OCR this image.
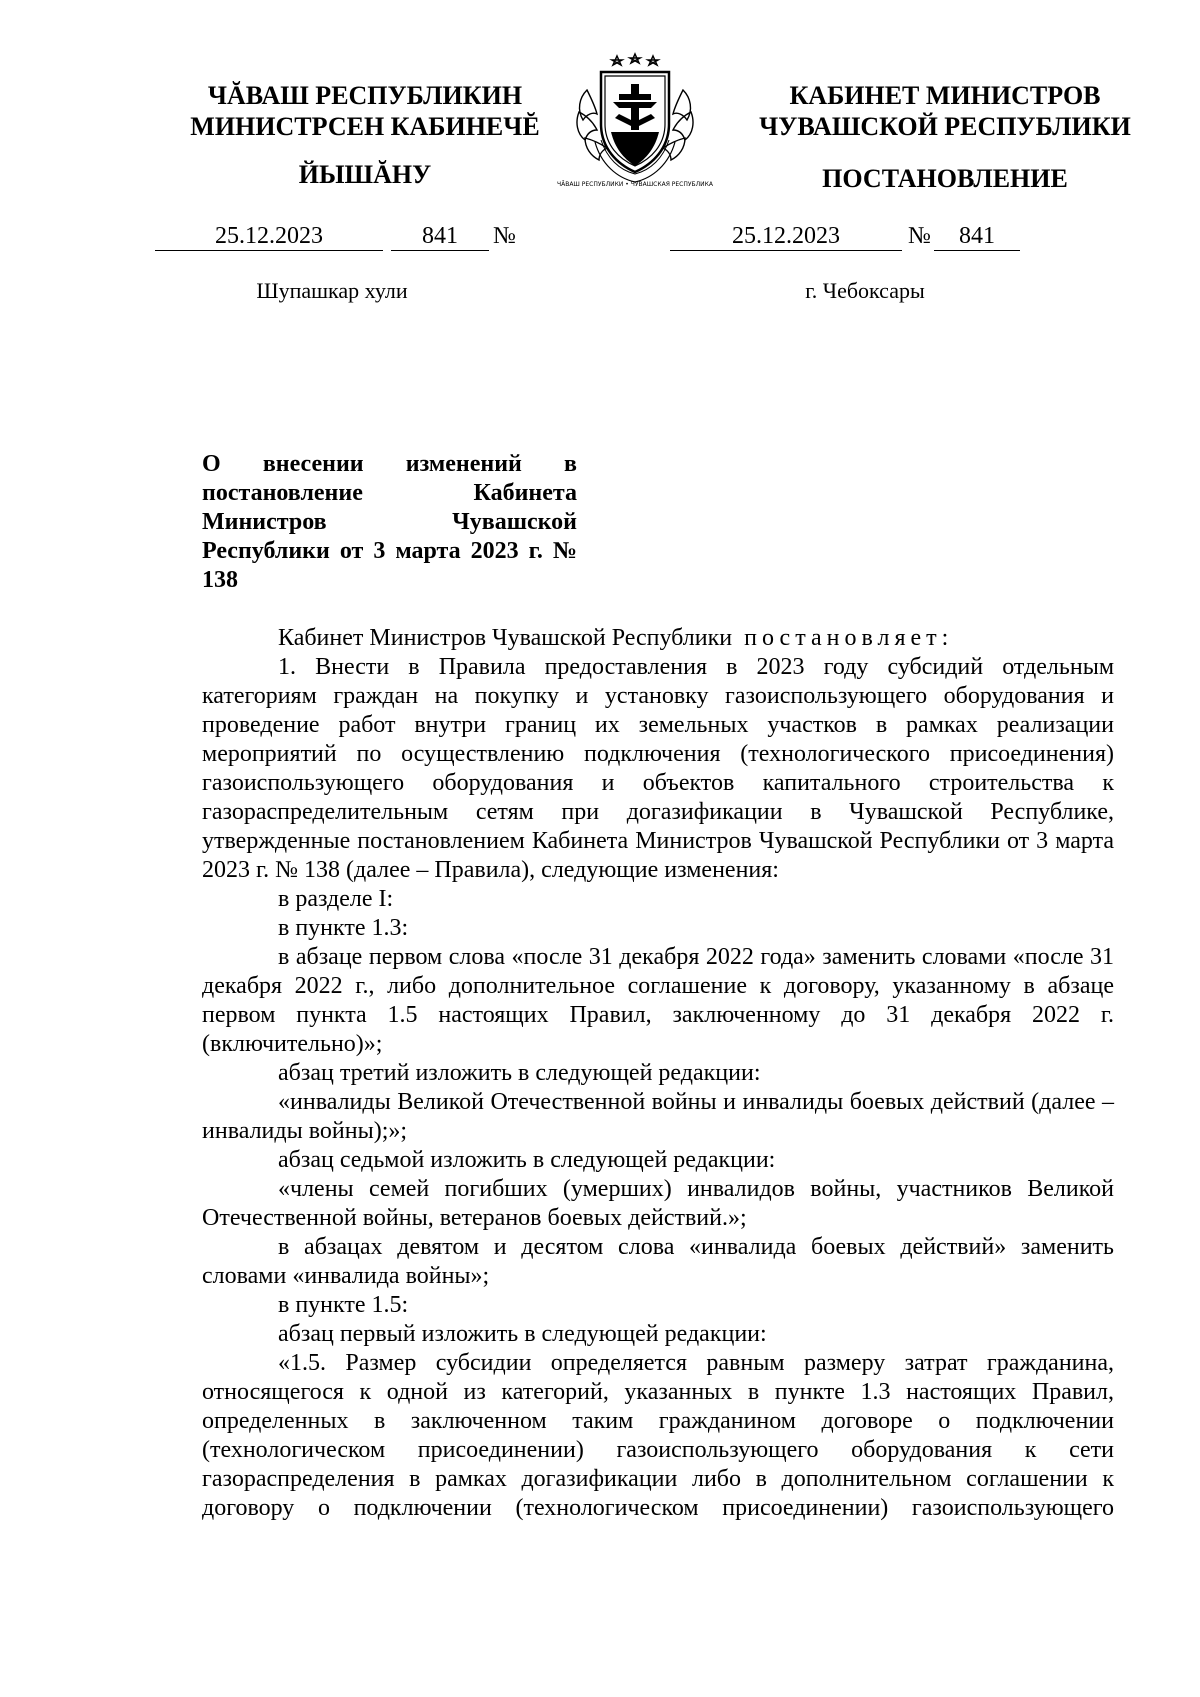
ЧĂВАШ РЕСПУБЛИКИН
МИНИСТРСЕН КАБИНЕЧĔ
ЙЫШĂНУ
КАБИНЕТ МИНИСТРОВ
ЧУВАШСКОЙ РЕСПУБЛИКИ
ПОСТАНОВЛЕНИЕ
ЧĂВАШ РЕСПУБЛИКИ • ЧУВАШСКАЯ РЕСПУБЛИКА
25.12.2023	841	№
Шупашкар хули
25.12.2023	№	841
г. Чебоксары
О внесении изменений в постановление Кабинета Министров Чувашской Республики от 3 марта 2023 г. № 138

Кабинет Министров Чувашской Республики постановляет:

1. Внести в Правила предоставления в 2023 году субсидий отдельным категориям граждан на покупку и установку газоиспользующего оборудования и проведение работ внутри границ их земельных участков в рамках реализации мероприятий по осуществлению подключения (технологического присоединения) газоиспользующего оборудования и объектов капитального строительства к газораспределительным сетям при догазификации в Чувашской Республике, утвержденные постановлением Кабинета Министров Чувашской Республики от 3 марта 2023 г. № 138 (далее – Правила), следующие изменения:

в разделе I:

в пункте 1.3:

в абзаце первом слова «после 31 декабря 2022 года» заменить словами «после 31 декабря 2022 г., либо дополнительное соглашение к договору, указанному в абзаце первом пункта 1.5 настоящих Правил, заключенному до 31 декабря 2022 г. (включительно)»;

абзац третий изложить в следующей редакции:

«инвалиды Великой Отечественной войны и инвалиды боевых действий (далее – инвалиды войны);»;

абзац седьмой изложить в следующей редакции:

«члены семей погибших (умерших) инвалидов войны, участников Великой Отечественной войны, ветеранов боевых действий.»;

в абзацах девятом и десятом слова «инвалида боевых действий» заменить словами «инвалида войны»;

в пункте 1.5:

абзац первый изложить в следующей редакции:

«1.5. Размер субсидии определяется равным размеру затрат гражданина, относящегося к одной из категорий, указанных в пункте 1.3 настоящих Правил, определенных в заключенном таким гражданином договоре о подключении (технологическом присоединении) газоиспользующего оборудования к сети газораспределения в рамках догазификации либо в дополнительном соглашении к договору о подключении (технологическом присоединении) газоиспользующего
